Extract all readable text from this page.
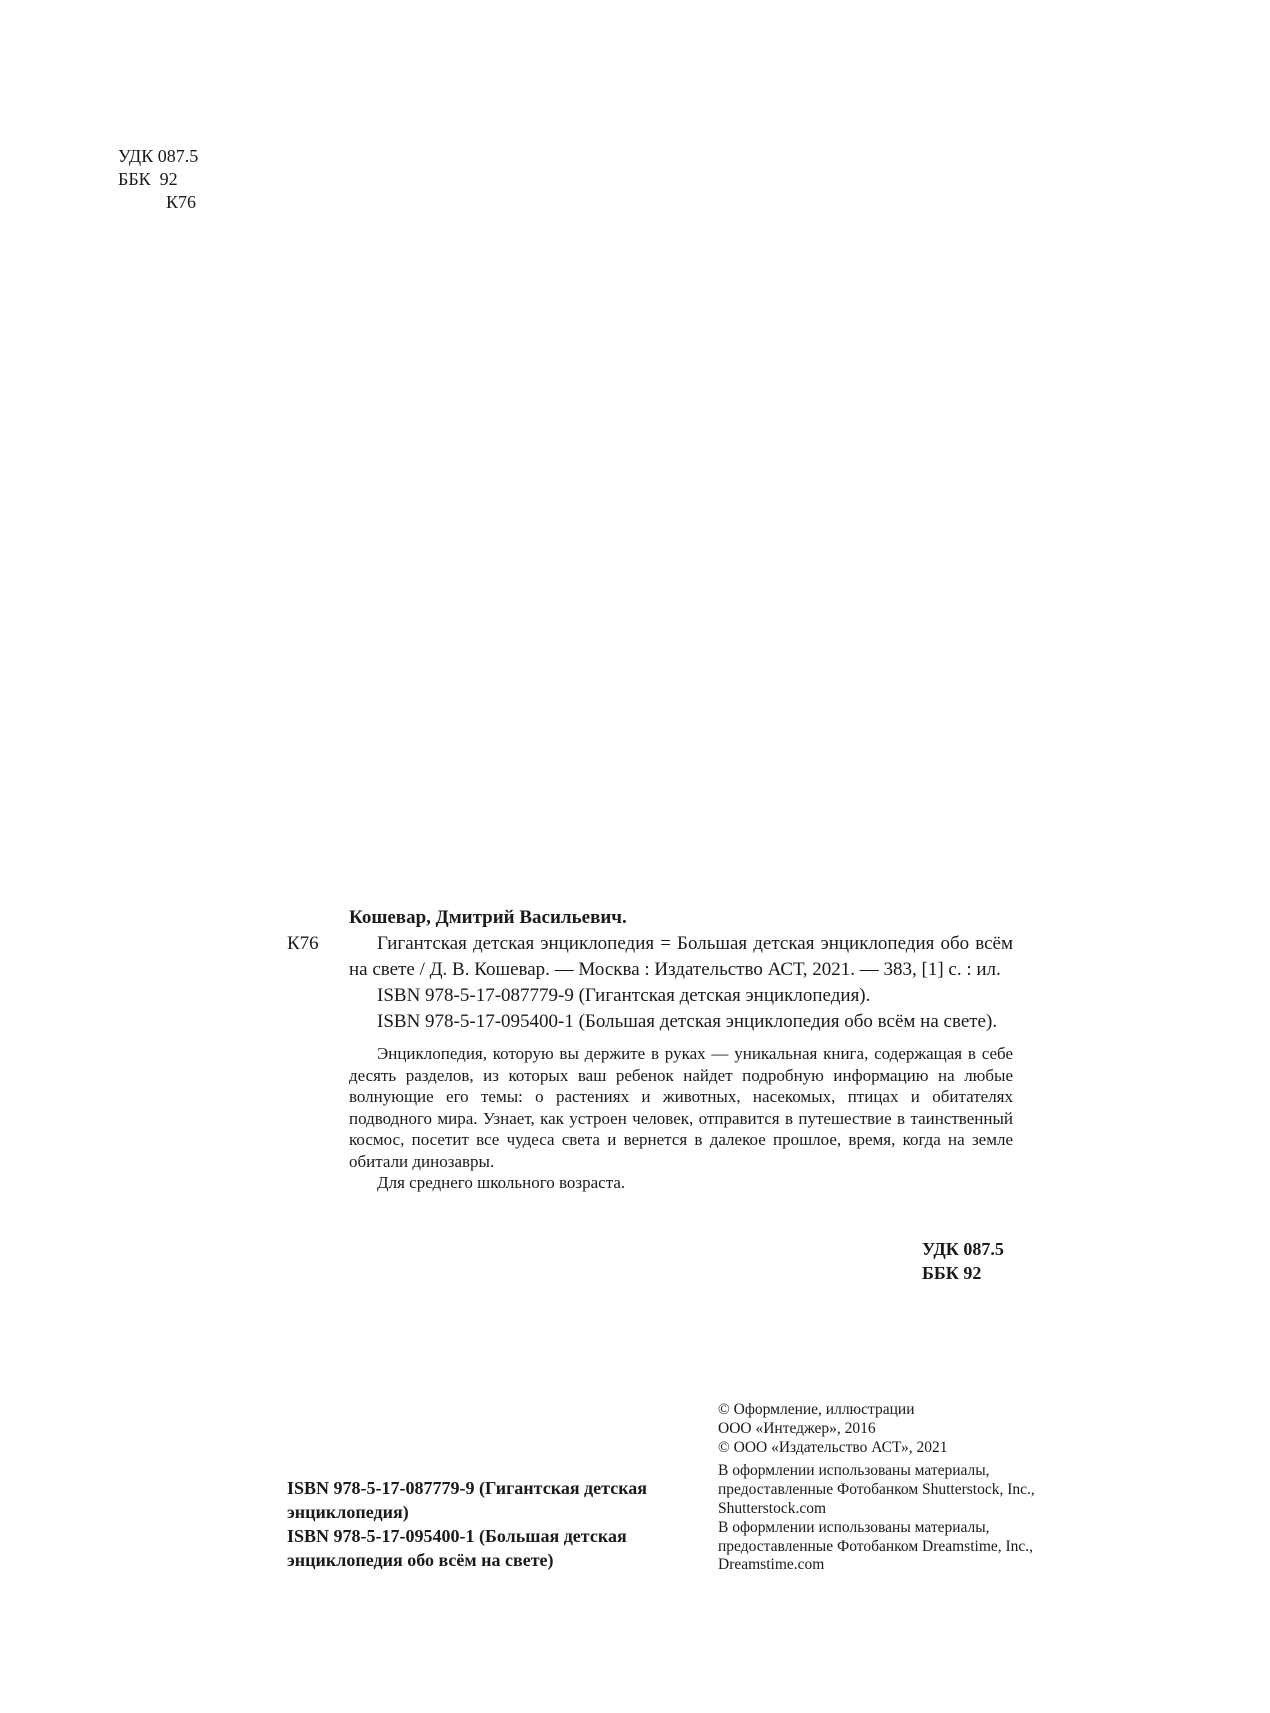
УДК 087.5
ББК  92
К76
К76

Кошевар, Дмитрий Васильевич.

Гигантская детская энциклопедия = Большая детская энциклопедия обо всём на свете / Д. В. Кошевар. — Москва : Издательство АСТ, 2021. — 383, [1] с. : ил.

ISBN 978-5-17-087779-9 (Гигантская детская энциклопедия).

ISBN 978-5-17-095400-1 (Большая детская энциклопедия обо всём на свете).

Энциклопедия, которую вы держите в руках — уникальная книга, содержащая в себе десять разделов, из которых ваш ребенок найдет подробную информацию на любые волнующие его темы: о растениях и животных, насекомых, птицах и обитателях подводного мира. Узнает, как устроен человек, отправится в путешествие в таинственный космос, посетит все чудеса света и вернется в далекое прошлое, время, когда на земле обитали динозавры.

Для среднего школьного возраста.

УДК 087.5
ББК 92
ISBN 978-5-17-087779-9 (Гигантская детская энциклопедия)
ISBN 978-5-17-095400-1 (Большая детская энциклопедия обо всём на свете)
© Оформление, иллюстрации
ООО «Интеджер», 2016
© ООО «Издательство АСТ», 2021
В оформлении использованы материалы, предоставленные Фотобанком Shutterstock, Inc., Shutterstock.com
В оформлении использованы материалы, предоставленные Фотобанком Dreamstime, Inc., Dreamstime.com
